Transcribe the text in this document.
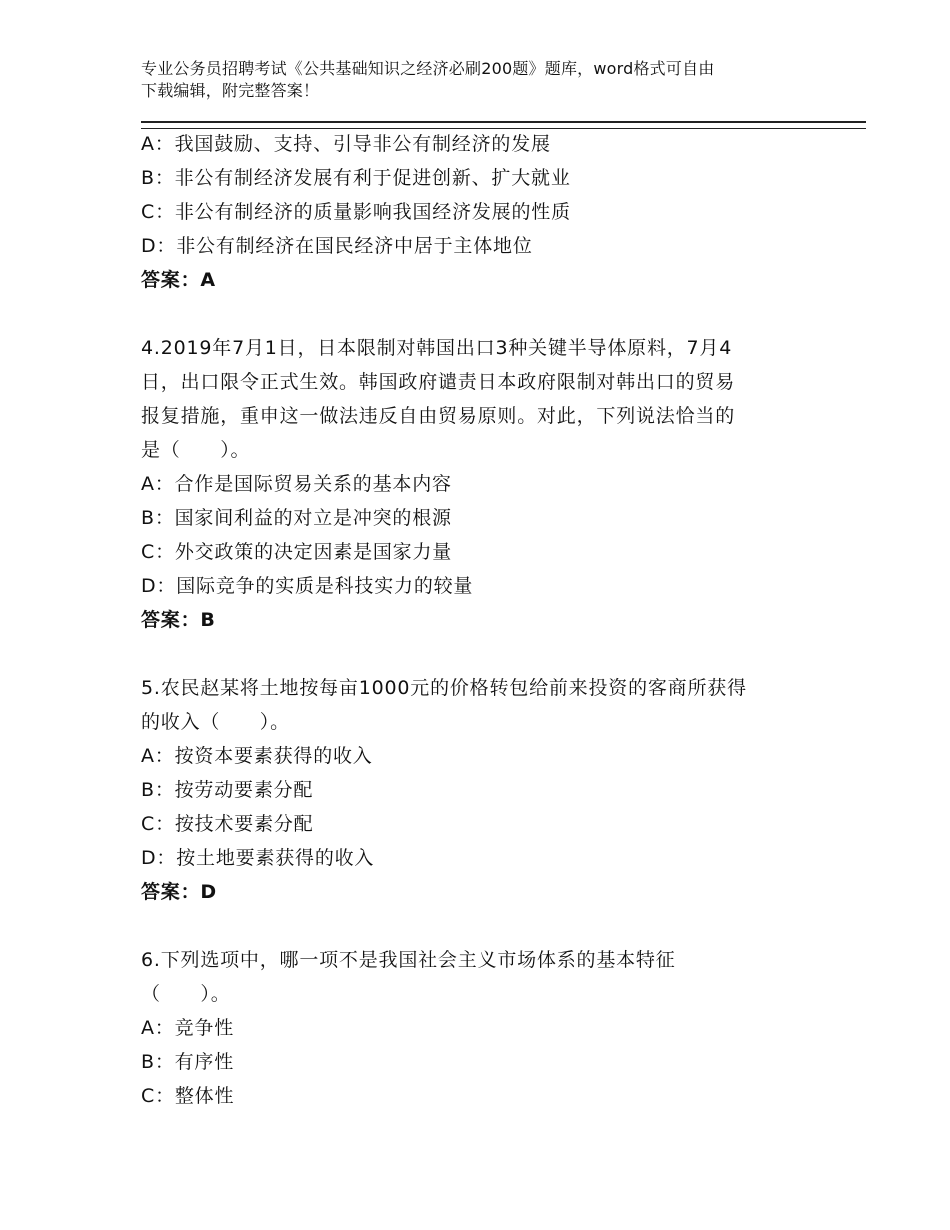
专业公务员招聘考试《公共基础知识之经济必刷200题》题库，word格式可自由
下载编辑，附完整答案！
A：我国鼓励、支持、引导非公有制经济的发展
B：非公有制经济发展有利于促进创新、扩大就业
C：非公有制经济的质量影响我国经济发展的性质
D：非公有制经济在国民经济中居于主体地位
答案：A
4.2019年7月1日，日本限制对韩国出口3种关键半导体原料，7月4
日，出口限令正式生效。韩国政府谴责日本政府限制对韩出口的贸易
报复措施，重申这一做法违反自由贸易原则。对此，下列说法恰当的
是（　　）。
A：合作是国际贸易关系的基本内容
B：国家间利益的对立是冲突的根源
C：外交政策的决定因素是国家力量
D：国际竞争的实质是科技实力的较量
答案：B
5.农民赵某将土地按每亩1000元的价格转包给前来投资的客商所获得
的收入（　　）。
A：按资本要素获得的收入
B：按劳动要素分配
C：按技术要素分配
D：按土地要素获得的收入
答案：D
6.下列选项中，哪一项不是我国社会主义市场体系的基本特征
（　　）。
A：竞争性
B：有序性
C：整体性
